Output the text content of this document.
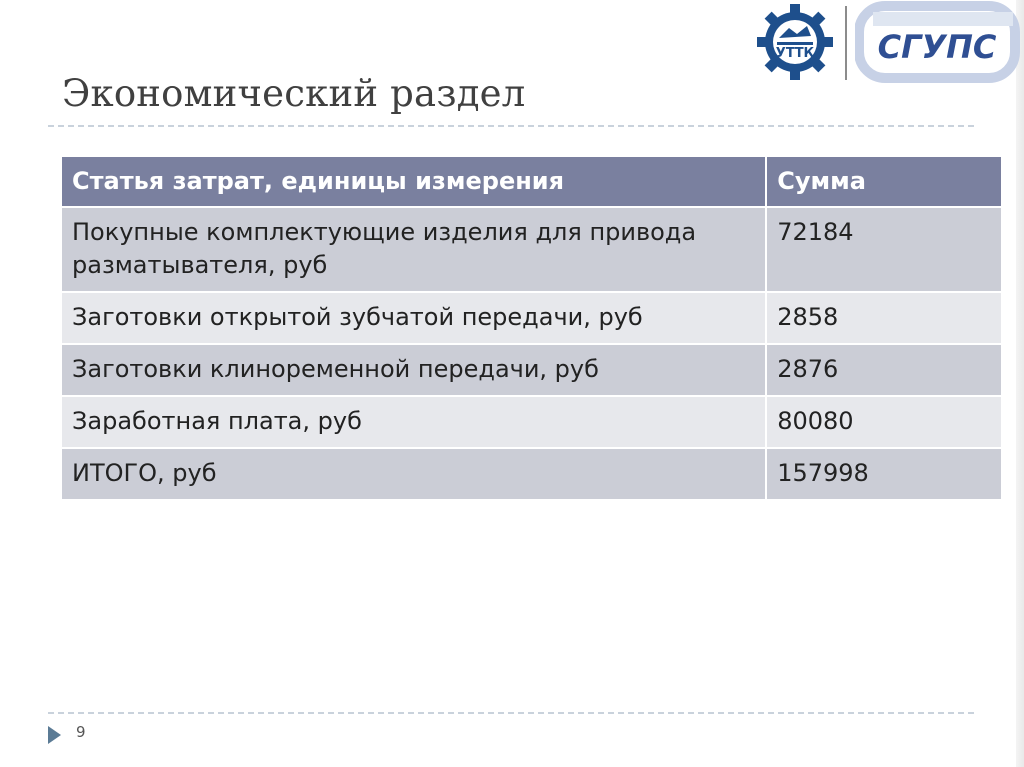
УТТК СГУПС
Экономический раздел
Статья затрат, единицы измерения	Сумма
Покупные комплектующие изделия для привода разматывателя, руб	72184
Заготовки открытой зубчатой передачи, руб	2858
Заготовки клиноременной передачи, руб	2876
Заработная плата, руб	80080
ИТОГО, руб	157998
9
